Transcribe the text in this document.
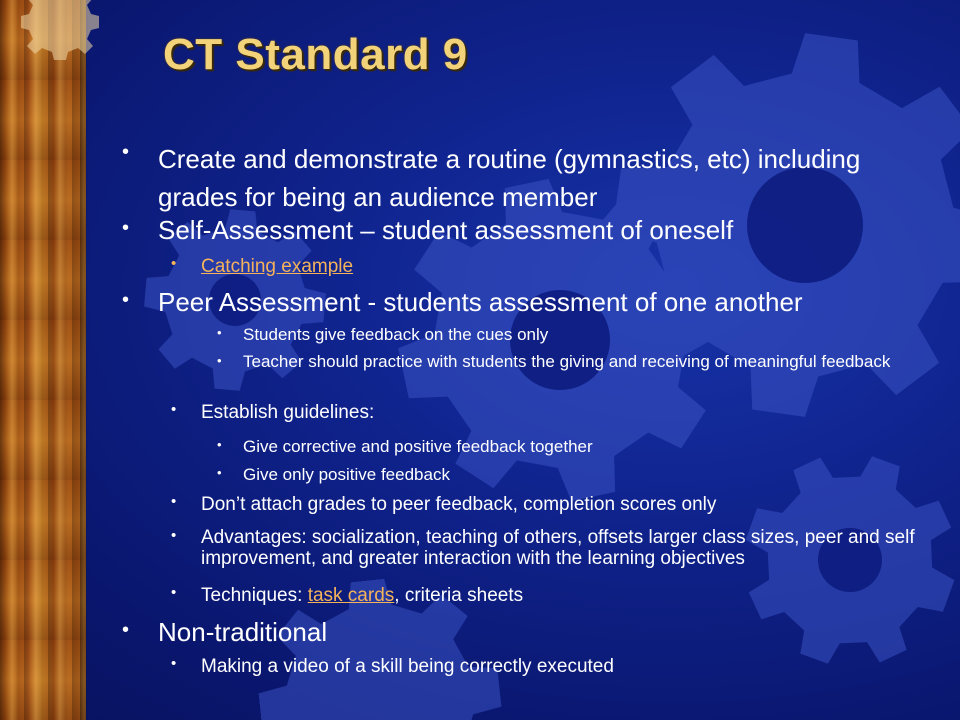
CT Standard 9

• Create and demonstrate a routine (gymnastics, etc) including grades for being an audience member

• Self-Assessment – student assessment of oneself

• Catching example

• Peer Assessment - students assessment of one another

• Students give feedback on the cues only

• Teacher should practice with students the giving and receiving of meaningful feedback

• Establish guidelines:

• Give corrective and positive feedback together

• Give only positive feedback

• Don’t attach grades to peer feedback, completion scores only

• Advantages: socialization, teaching of others, offsets larger class sizes, peer and self improvement, and greater interaction with the learning objectives

• Techniques: task cards, criteria sheets

• Non-traditional

• Making a video of a skill being correctly executed
